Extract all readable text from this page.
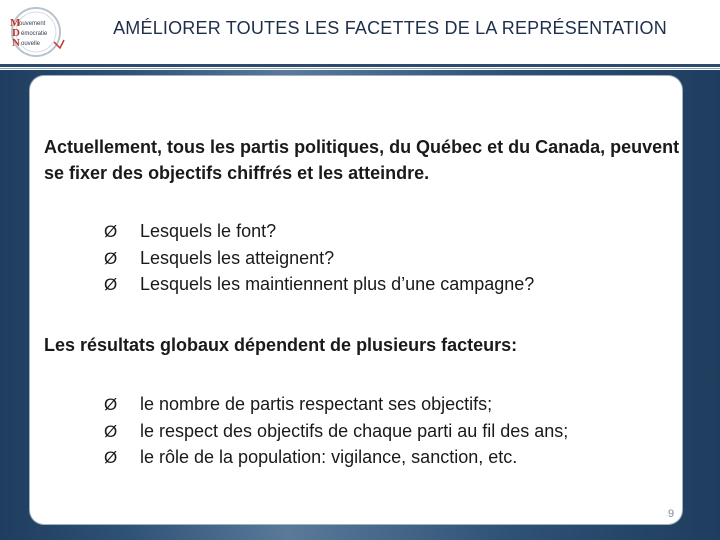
M
ouvement
D émocratie
N ouvelle
AMÉLIORER TOUTES LES FACETTES DE LA REPRÉSENTATION
Actuellement, tous les partis politiques, du Québec et du Canada, peuvent se fixer des objectifs chiffrés et les atteindre.
Ø Lesquels le font?
Ø Lesquels les atteignent?
Ø Lesquels les maintiennent plus d’une campagne?
Les résultats globaux dépendent de plusieurs facteurs:
Ø le nombre de partis respectant ses objectifs;
Ø le respect des objectifs de chaque parti au fil des ans;
Ø le rôle de la population: vigilance, sanction, etc.
9
